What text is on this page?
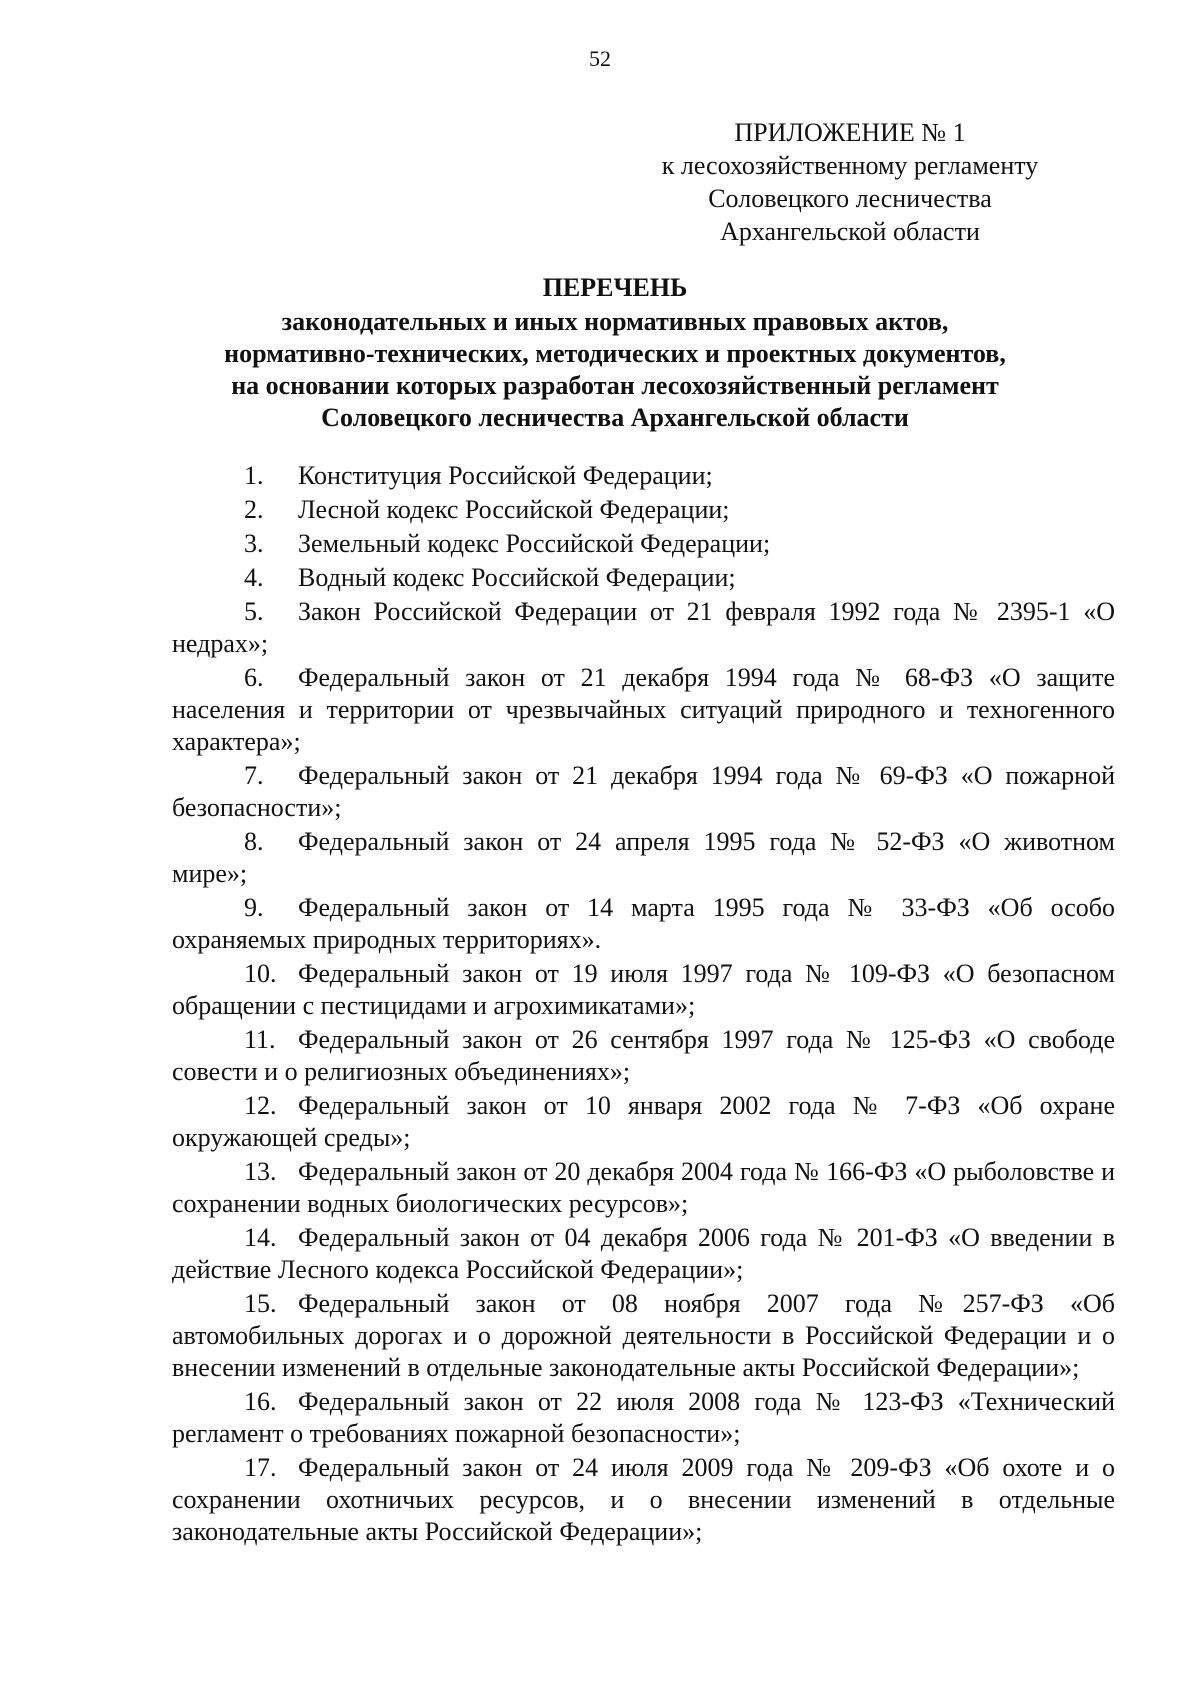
52
ПРИЛОЖЕНИЕ № 1
к лесохозяйственному регламенту
Соловецкого лесничества
Архангельской области
ПЕРЕЧЕНЬ
законодательных и иных нормативных правовых актов,
нормативно-технических, методических и проектных документов,
на основании которых разработан лесохозяйственный регламент
Соловецкого лесничества Архангельской области
1. Конституция Российской Федерации;
2. Лесной кодекс Российской Федерации;
3. Земельный кодекс Российской Федерации;
4. Водный кодекс Российской Федерации;
5. Закон Российской Федерации от 21 февраля 1992 года № 2395-1 «О недрах»;
6. Федеральный закон от 21 декабря 1994 года № 68-ФЗ «О защите населения и территории от чрезвычайных ситуаций природного и техногенного характера»;
7. Федеральный закон от 21 декабря 1994 года № 69-ФЗ «О пожарной безопасности»;
8. Федеральный закон от 24 апреля 1995 года № 52-ФЗ «О животном мире»;
9. Федеральный закон от 14 марта 1995 года № 33-ФЗ «Об особо охраняемых природных территориях».
10. Федеральный закон от 19 июля 1997 года № 109-ФЗ «О безопасном обращении с пестицидами и агрохимикатами»;
11. Федеральный закон от 26 сентября 1997 года № 125-ФЗ «О свободе совести и о религиозных объединениях»;
12. Федеральный закон от 10 января 2002 года № 7-ФЗ «Об охране окружающей среды»;
13. Федеральный закон от 20 декабря 2004 года № 166-ФЗ «О рыболовстве и сохранении водных биологических ресурсов»;
14. Федеральный закон от 04 декабря 2006 года № 201-ФЗ «О введении в действие Лесного кодекса Российской Федерации»;
15. Федеральный закон от 08 ноября 2007 года №257-ФЗ «Об автомобильных дорогах и о дорожной деятельности в Российской Федерации и о внесении изменений в отдельные законодательные акты Российской Федерации»;
16. Федеральный закон от 22 июля 2008 года № 123-ФЗ «Технический регламент о требованиях пожарной безопасности»;
17. Федеральный закон от 24 июля 2009 года № 209-ФЗ «Об охоте и о сохранении охотничьих ресурсов, и о внесении изменений в отдельные законодательные акты Российской Федерации»;
